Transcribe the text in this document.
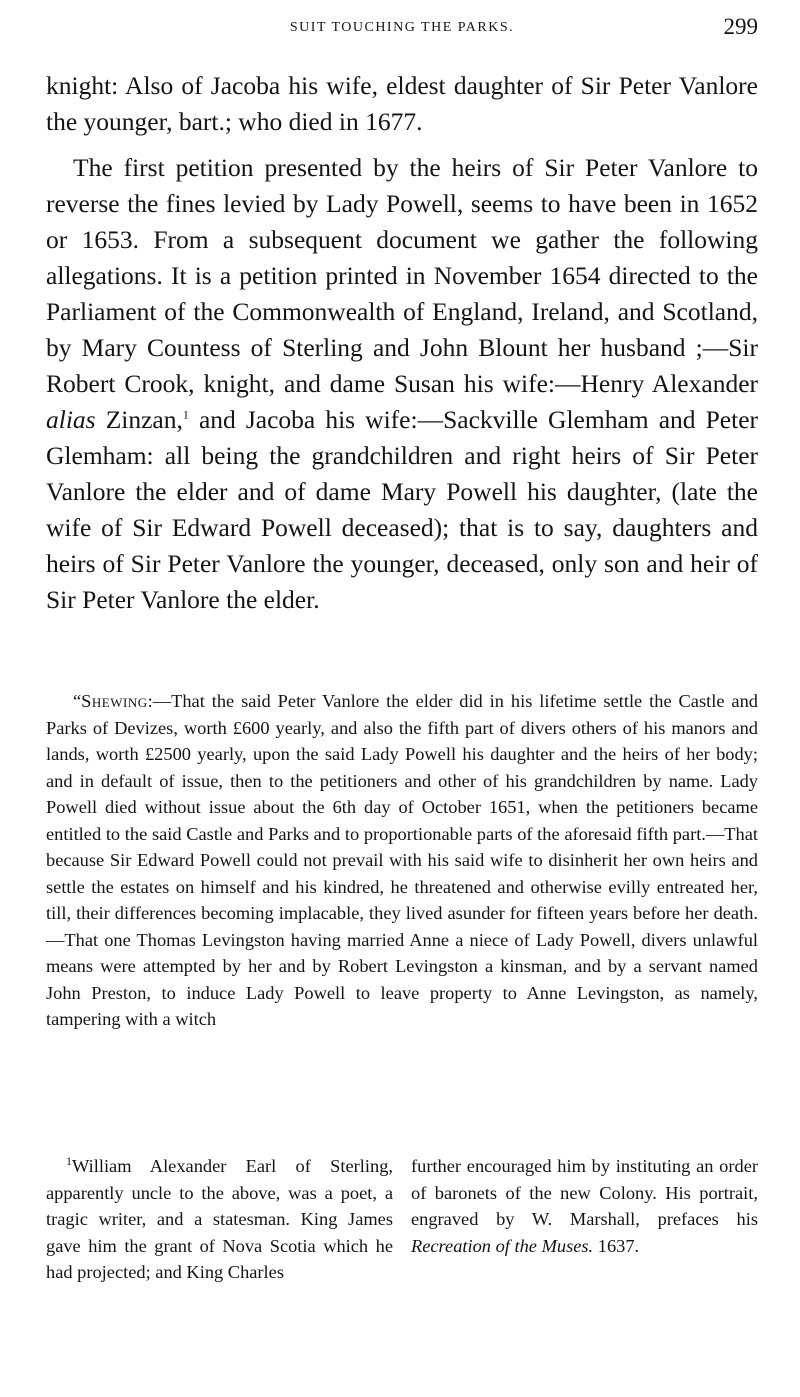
SUIT TOUCHING THE PARKS.	299

knight: Also of Jacoba his wife, eldest daughter of Sir Peter Vanlore the younger, bart.; who died in 1677.

The first petition presented by the heirs of Sir Peter Vanlore to reverse the fines levied by Lady Powell, seems to have been in 1652 or 1653. From a subsequent document we gather the following allegations. It is a petition printed in November 1654 directed to the Parliament of the Commonwealth of England, Ireland, and Scotland, by Mary Countess of Sterling and John Blount her husband ;—Sir Robert Crook, knight, and dame Susan his wife:—Henry Alexander alias Zinzan,$^1$ and Jacoba his wife:—Sackville Glemham and Peter Glemham: all being the grandchildren and right heirs of Sir Peter Vanlore the elder and of dame Mary Powell his daughter, (late the wife of Sir Edward Powell deceased); that is to say, daughters and heirs of Sir Peter Vanlore the younger, deceased, only son and heir of Sir Peter Vanlore the elder.

“Shewing:—That the said Peter Vanlore the elder did in his lifetime settle the Castle and Parks of Devizes, worth £600 yearly, and also the fifth part of divers others of his manors and lands, worth £2500 yearly, upon the said Lady Powell his daughter and the heirs of her body; and in default of issue, then to the petitioners and other of his grandchildren by name. Lady Powell died without issue about the 6th day of October 1651, when the petitioners became entitled to the said Castle and Parks and to proportionable parts of the aforesaid fifth part.—That because Sir Edward Powell could not prevail with his said wife to disinherit her own heirs and settle the estates on himself and his kindred, he threatened and otherwise evilly entreated her, till, their differences becoming implacable, they lived asunder for fifteen years before her death.—That one Thomas Levingston having married Anne a niece of Lady Powell, divers unlawful means were attempted by her and by Robert Levingston a kinsman, and by a servant named John Preston, to induce Lady Powell to leave property to Anne Levingston, as namely, tampering with a witch

$^1$William Alexander Earl of Sterling, apparently uncle to the above, was a poet, a tragic writer, and a statesman. King James gave him the grant of Nova Scotia which he had projected; and King Charles

further encouraged him by instituting an order of baronets of the new Colony. His portrait, engraved by W. Marshall, prefaces his Recreation of the Muses. 1637.
